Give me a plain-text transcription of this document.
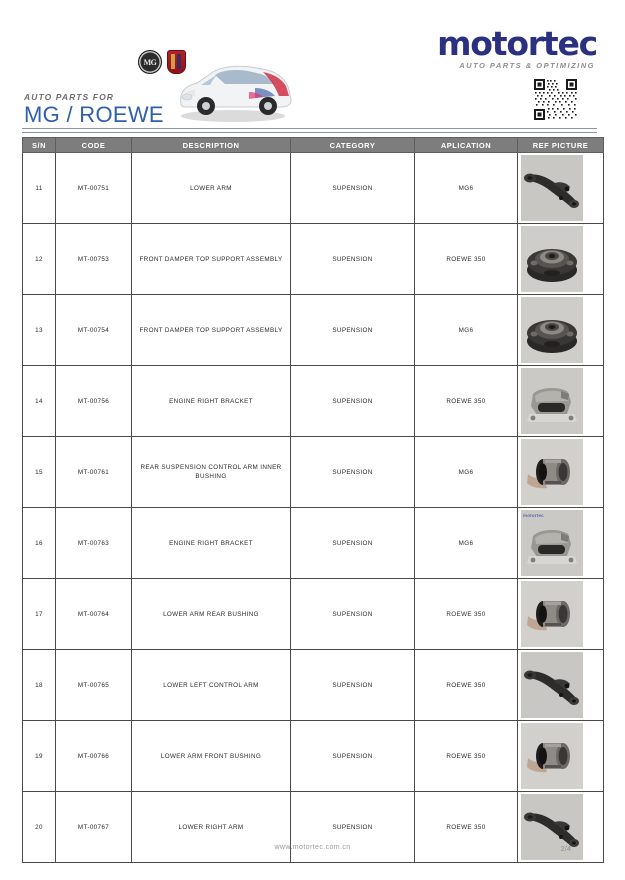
AUTO PARTS FOR
MG / ROEWE
MG	motortec
AUTO PARTS & OPTIMIZING
S/N	CODE	DESCRIPTION	CATEGORY	APLICATION	REF PICTURE
11	MT-00751	LOWER ARM	SUPENSION	MG6	

12	MT-00753	FRONT DAMPER TOP SUPPORT ASSEMBLY	SUPENSION	ROEWE 350	

13	MT-00754	FRONT DAMPER TOP SUPPORT ASSEMBLY	SUPENSION	MG6	

14	MT-00756	ENGINE RIGHT BRACKET	SUPENSION	ROEWE 350	

15	MT-00761	REAR SUSPENSION CONTROL ARM INNER BUSHING	SUPENSION	MG6	

16	MT-00763	ENGINE RIGHT BRACKET	SUPENSION	MG6	motortec

17	MT-00764	LOWER ARM REAR BUSHING	SUPENSION	ROEWE 350	

18	MT-00765	LOWER LEFT CONTROL ARM	SUPENSION	ROEWE 350	

19	MT-00766	LOWER ARM FRONT BUSHING	SUPENSION	ROEWE 350	

20	MT-00767	LOWER RIGHT ARM	SUPENSION	ROEWE 350	
www.motortec.com.cn	2/4
